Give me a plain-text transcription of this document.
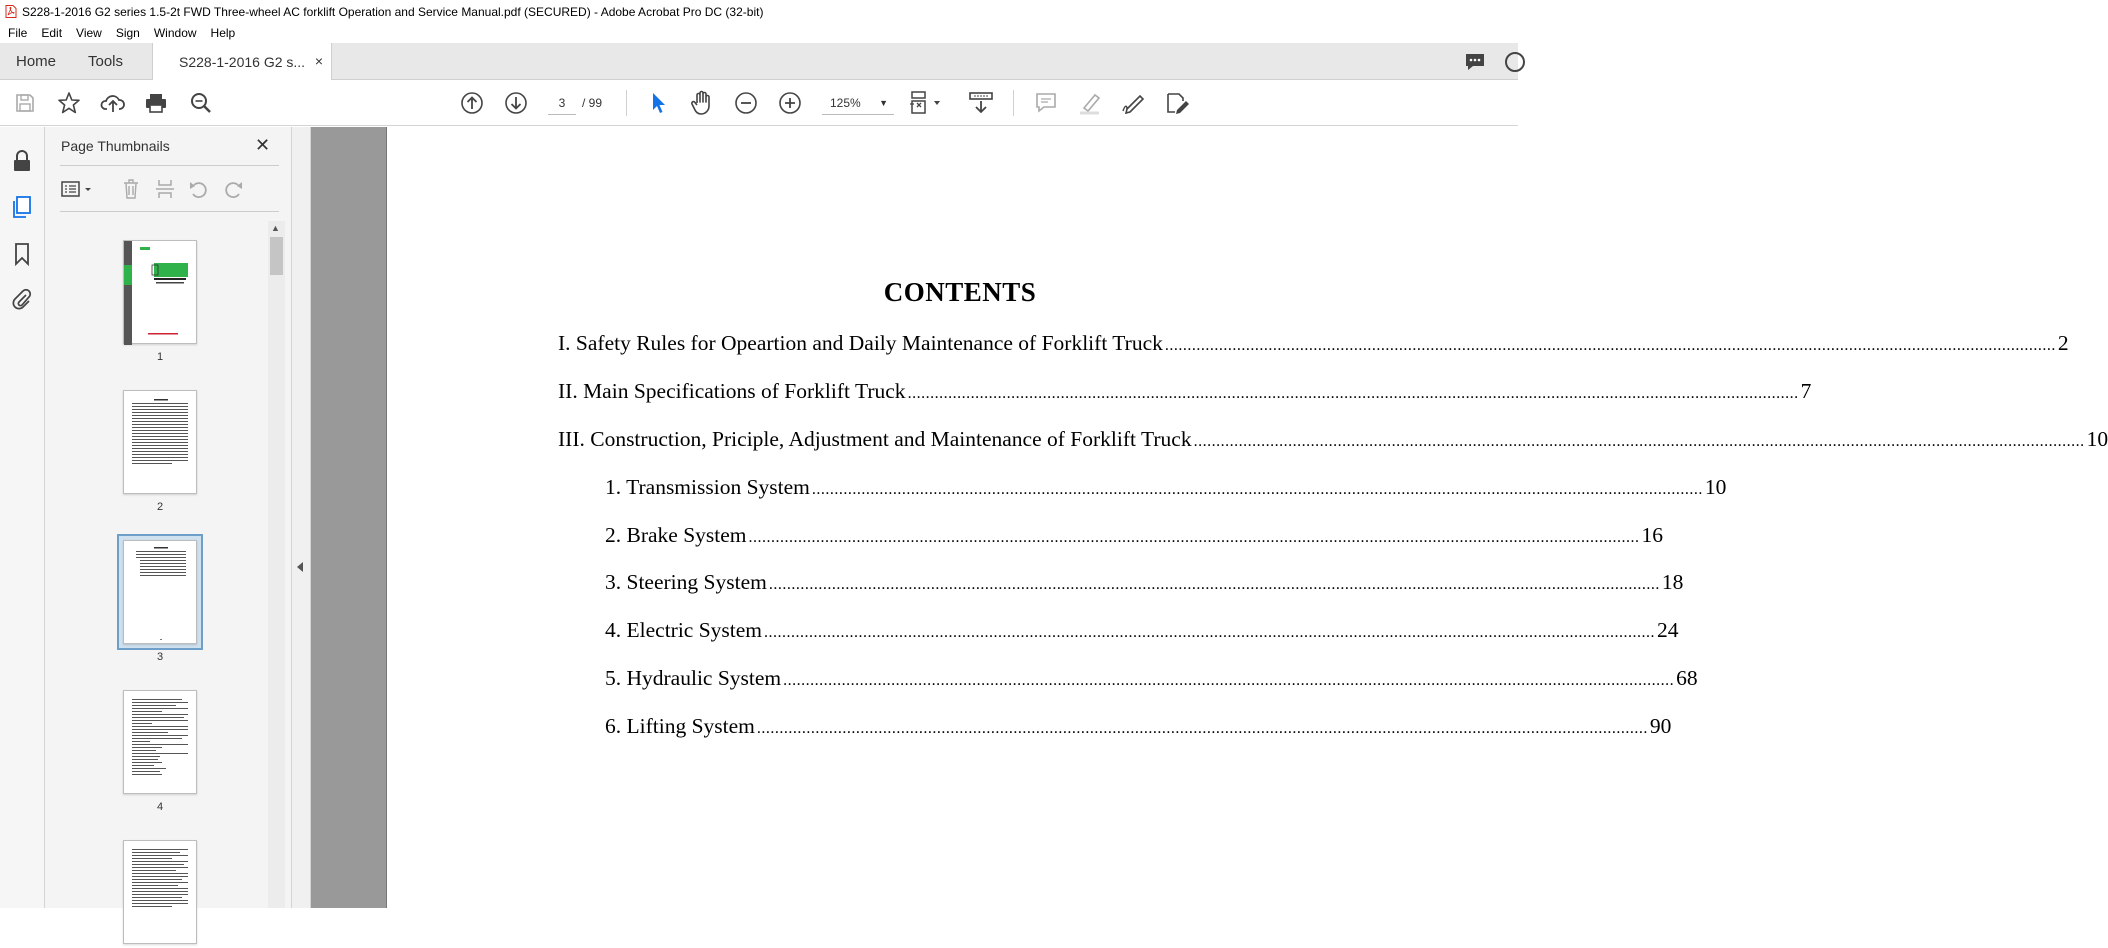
S228-1-2016 G2 series 1.5-2t FWD Three-wheel AC forklift Operation and Service Manual.pdf (SECURED) - Adobe Acrobat Pro DC (32-bit)
File	Edit	View	Sign	Window	Help
Home Tools	S228-1-2016 G2 s... ×
3	/ 99	125% ▼
Page Thumbnails	✕
1
2
3
4
▲
CONTENTS
I. Safety Rules for Opeartion and Daily Maintenance of Forklift Truck ...................................................................................................................................................................................................... 2
II. Main Specifications of Forklift Truck ...................................................................................................................................................................................................... 7
III. Construction, Priciple, Adjustment and Maintenance of Forklift Truck ...................................................................................................................................................................................................... 10
1. Transmission System ...................................................................................................................................................................................................... 10
2. Brake System ...................................................................................................................................................................................................... 16
3. Steering System ...................................................................................................................................................................................................... 18
4. Electric System ...................................................................................................................................................................................................... 24
5. Hydraulic System ...................................................................................................................................................................................................... 68
6. Lifting System ...................................................................................................................................................................................................... 90
